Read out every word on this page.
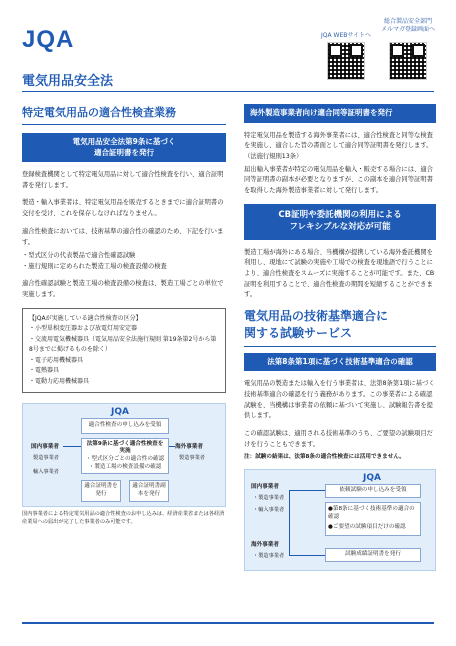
JQA	JQA WEBサイトへ
総合製品安全部門
メルマガ登録画面へ
電気用品安全法
特定電気用品の適合性検査業務
電気用品安全法第9条に基づく
適合証明書を発行

登録検査機関として特定電気用品に対して適合性検査を行い、適合証明書を発行します。

製造・輸入事業者は、特定電気用品を販売するときまでに適合証明書の交付を受け、これを保存しなければなりません。

適合性検査においては、技術基準の適合性の確認のため、下記を行います。

・型式区分の代表製品で適合性確認試験
・施行規則に定められた製造工場の検査設備の検査

適合性確認試験と製造工場の検査設備の検査は、製造工場ごとの単位で実施します。

【JQAが実施している適合性検査の区分】
・小型単相変圧器および放電灯用安定器
・交流用電気機械器具（電気用品安全法施行規則 第19条第2号から第8号までに掲げるものを除く）
・電子応用機械器具
・電熱器具
・電動力応用機械器具
JQA
適合性検査の申し込みを受領
国内事業者
製造事業者
輸入事業者
海外事業者
製造事業者
法第9条に基づく適合性検査を実施
・型式区分ごとの適合性の確認
・製造工場の検査設備の確認
適合証明書を発行
適合証明書副本を発行

国内事業者による特定電気用品の適合性検査のお申し込みは、経済産業省または各経済産業局への届出が完了した事業者のみ可能です。

海外製造事業者向け適合同等証明書を発行

特定電気用品を製造する海外事業者には、適合性検査と同等な検査を実施し、適合した旨の書面として適合同等証明書を発行します。（法施行規則13条）

届出輸入事業者が特定の電気用品を輸入・販売する場合には、適合同等証明書の副本が必要となりますが、この副本を適合同等証明書を取得した海外製造事業者に対して発行します。

CB証明や委託機関の利用による
フレキシブルな対応が可能

製造工場が海外にある場合、当機構が提携している海外委託機関を利用し、現地にて試験の実施や工場での検査を現地語で行うことにより、適合性検査をスムーズに実施することが可能です。また、CB証明を利用することで、適合性検査の期間を短縮することができます。

電気用品の技術基準適合に
関する試験サービス
法第8条第1項に基づく技術基準適合の確認

電気用品の製造または輸入を行う事業者は、法第8条第1項に基づく技術基準適合の確認を行う義務があります。この事業者による確認試験を、当機構は事業者の依頼に基づいて実施し、試験報告書を提供します。

この確認試験は、適用される技術基準のうち、ご要望の試験項目だけを行うこともできます。

注：試験の結果は、法第8条の適合性検査には活用できません。

JQA
依頼試験の申し込みを受領
国内事業者
・製造事業者
・輸入事業者	●第8条に基づく技術基準の適合の確認
●ご要望の試験項目だけの確認
海外事業者
・製造事業者	試験成績証明書を発行
